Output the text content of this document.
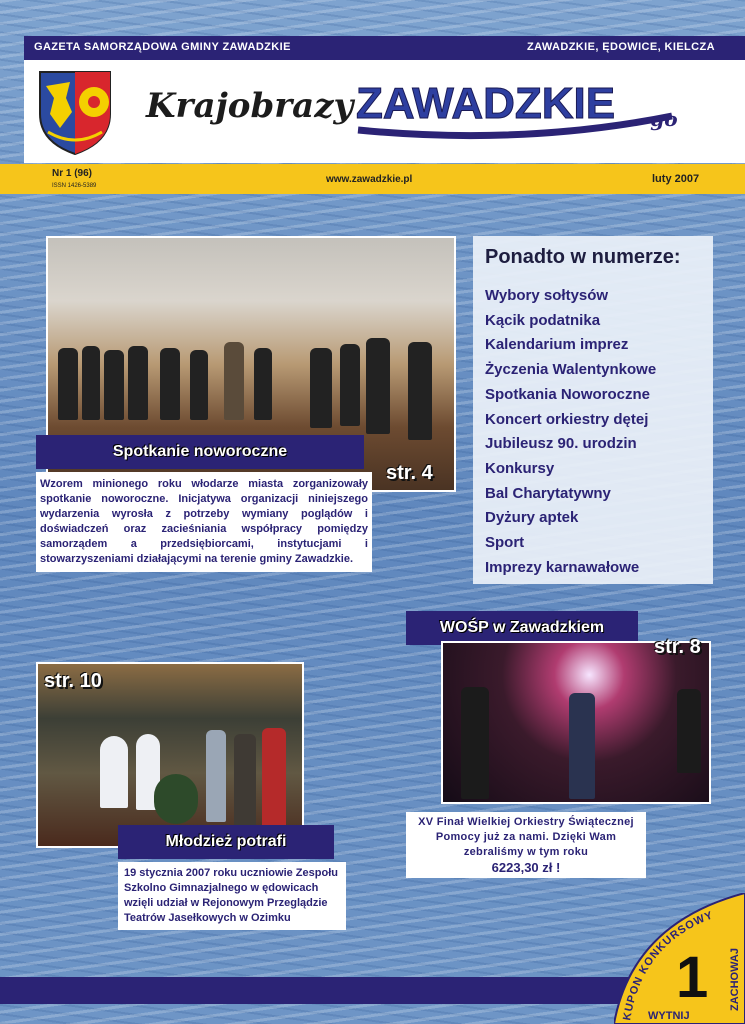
GAZETA SAMORZĄDOWA GMINY ZAWADZKIE	ZAWADZKIE, ĘDOWICE, KIELCZA
Krajobrazy ZAWADZKIE -go
Nr 1 (96)
ISSN 1426-5389
www.zawadzkie.pl	luty 2007
Spotkanie noworoczne
str. 4
Wzorem minionego roku włodarze miasta zorganizowały spotkanie noworoczne. Inicjatywa organizacji niniejszego wydarzenia wyrosła z potrzeby wymiany poglądów i doświadczeń oraz zacieśniania współpracy pomiędzy samorządem a przedsiębiorcami, instytucjami i stowarzyszeniami działającymi na terenie gminy Zawadzkie.
Ponadto w numerze:
Wybory sołtysów
Kącik podatnika
Kalendarium imprez
Życzenia Walentynkowe
Spotkania Noworoczne
Koncert orkiestry dętej
Jubileusz 90. urodzin
Konkursy
Bal Charytatywny
Dyżury aptek
Sport
Imprezy karnawałowe
WOŚP w Zawadzkiem
str. 8
XV Finał Wielkiej Orkiestry Świątecznej Pomocy już za nami. Dzięki Wam zebraliśmy w tym roku
6223,30 zł !
str. 10
Młodzież potrafi
19 stycznia 2007 roku uczniowie Zespołu Szkolno Gimnazjalnego w ędowicach wzięli udział w Rejonowym Przeglądzie Teatrów Jasełkowych w Ozimku
KUPON KONKURSOWY
1
WYTNIJ
ZACHOWAJ
